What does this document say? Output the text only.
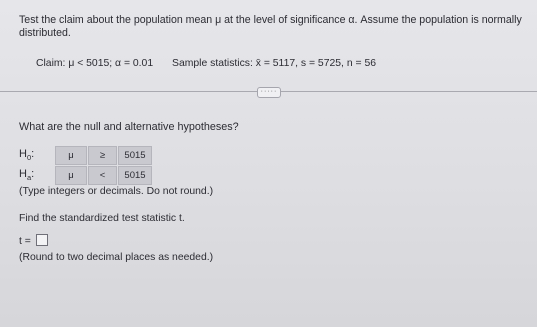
Test the claim about the population mean μ at the level of significance α. Assume the population is normally distributed.
Claim: μ < 5015; α = 0.01 Sample statistics: x̄ = 5117, s = 5725, n = 56
·····
What are the null and alternative hypotheses?
$H_0$:	μ	≥	5015
$H_a$:	μ	<	5015
(Type integers or decimals. Do not round.)
Find the standardized test statistic t.
t =
(Round to two decimal places as needed.)
